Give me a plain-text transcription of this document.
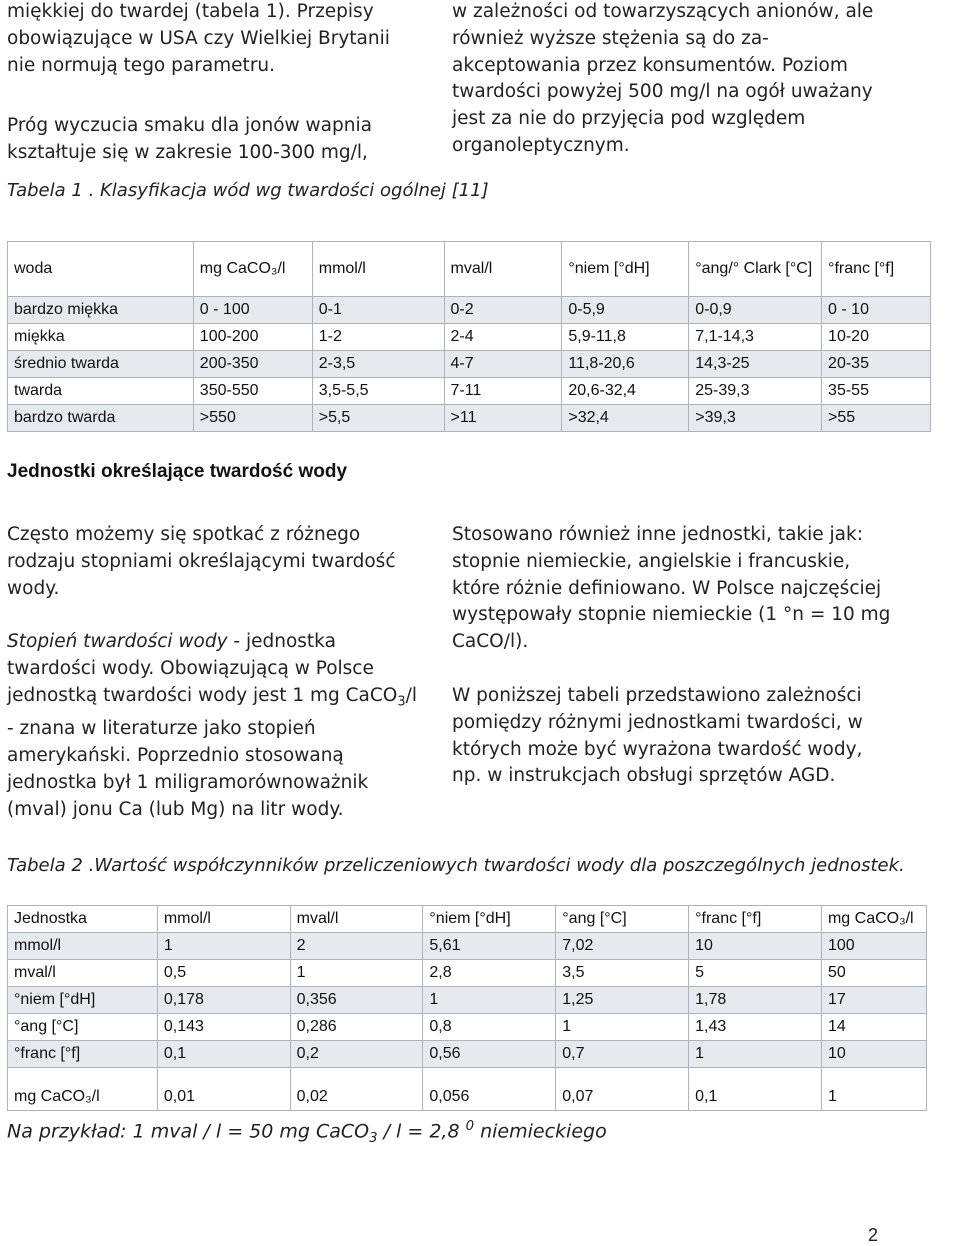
miękkiej do twardej (tabela 1). Przepisy obowiązujące w USA czy Wielkiej Brytanii nie normują tego parametru.

Próg wyczucia smaku dla jonów wapnia kształtuje się w zakresie 100-300 mg/l,

w zależności od towarzyszących anionów, ale również wyższe stężenia są do za- akceptowania przez konsumentów. Poziom twardości powyżej 500 mg/l na ogół uważany jest za nie do przyjęcia pod względem organoleptycznym.

Tabela 1 . Klasyfikacja wód wg twardości ogólnej [11]
woda	mg CaCO₃/l	mmol/l	mval/l	°niem [°dH]	°ang/° Clark [°C]	°franc [°f]
bardzo miękka	0 - 100	0-1	0-2	0-5,9	0-0,9	0 - 10
miękka	100-200	1-2	2-4	5,9-11,8	7,1-14,3	10-20
średnio twarda	200-350	2-3,5	4-7	11,8-20,6	14,3-25	20-35
twarda	350-550	3,5-5,5	7-11	20,6-32,4	25-39,3	35-55
bardzo twarda	>550	>5,5	>11	>32,4	>39,3	>55
Jednostki określające twardość wody

Często możemy się spotkać z różnego rodzaju stopniami określającymi twardość wody.

Stopień twardości wody - jednostka twardości wody. Obowiązującą w Polsce jednostką twardości wody jest 1 mg CaCO$_3$/l - znana w literaturze jako stopień amerykański. Poprzednio stosowaną jednostka był 1 miligramorównoważnik (mval) jonu Ca (lub Mg) na litr wody.

Stosowano również inne jednostki, takie jak: stopnie niemieckie, angielskie i francuskie, które różnie definiowano. W Polsce najczęściej występowały stopnie niemieckie (1 °n = 10 mg CaCO/l).

W poniższej tabeli przedstawiono zależności pomiędzy różnymi jednostkami twardości, w których może być wyrażona twardość wody, np. w instrukcjach obsługi sprzętów AGD.

Tabela 2 .Wartość współczynników przeliczeniowych twardości wody dla poszczególnych jednostek.
Jednostka	mmol/l	mval/l	°niem [°dH]	°ang [°C]	°franc [°f]	mg CaCO₃/l
mmol/l	1	2	5,61	7,02	10	100
mval/l	0,5	1	2,8	3,5	5	50
°niem [°dH]	0,178	0,356	1	1,25	1,78	17
°ang [°C]	0,143	0,286	0,8	1	1,43	14
°franc [°f]	0,1	0,2	0,56	0,7	1	10

mg CaCO₃/l	0,01	0,02	0,056	0,07	0,1	1
Na przykład: 1 mval / l = 50 mg CaCO$_3$ / l = 2,8 $^0$ niemieckiego
2
